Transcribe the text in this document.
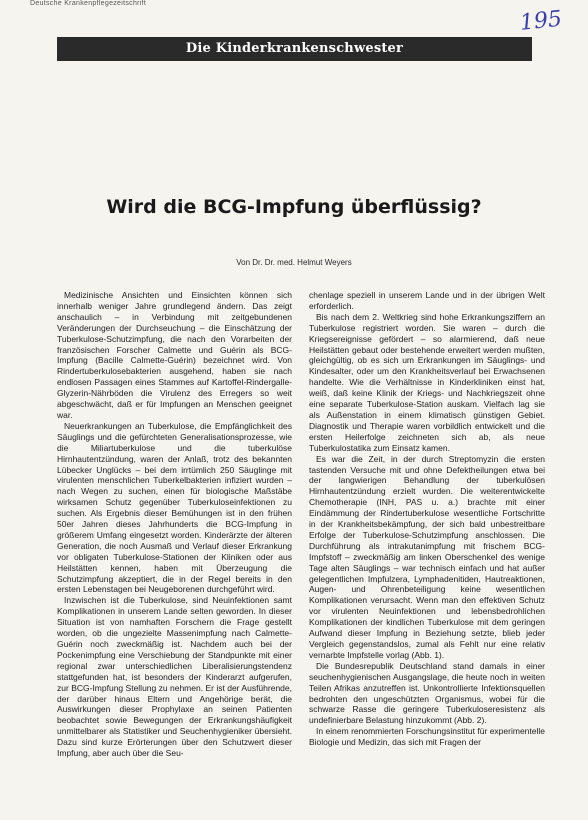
Deutsche Krankenpflegezeitschrift
195
Die Kinderkrankenschwester
Wird die BCG-Impfung überflüssig?
Von Dr. Dr. med. Helmut Weyers

Medizinische Ansichten und Einsichten können sich innerhalb weniger Jahre grundlegend ändern. Das zeigt anschaulich – in Verbindung mit zeitgebundenen Veränderungen der Durchseuchung – die Einschätzung der Tuberkulose-Schutzimpfung, die nach den Vorarbeiten der französischen Forscher Calmette und Guérin als BCG-Impfung (Bacille Calmette-Guérin) bezeichnet wird. Von Rindertuberkulosebakterien ausgehend, haben sie nach endlosen Passagen eines Stammes auf Kartoffel-Rindergalle-Glyzerin-Nährböden die Virulenz des Erregers so weit abgeschwächt, daß er für Impfungen an Menschen geeignet war.

Neuerkrankungen an Tuberkulose, die Empfänglichkeit des Säuglings und die gefürchteten Generalisationsprozesse, wie die Miliartuberkulose und die tuberkulöse Hirnhautentzündung, waren der Anlaß, trotz des bekannten Lübecker Unglücks – bei dem irrtümlich 250 Säuglinge mit virulenten menschlichen Tuberkelbakterien infiziert wurden – nach Wegen zu suchen, einen für biologische Maßstäbe wirksamen Schutz gegenüber Tuberkuloseinfektionen zu suchen. Als Ergebnis dieser Bemühungen ist in den frühen 50er Jahren dieses Jahrhunderts die BCG-Impfung in größerem Umfang eingesetzt worden. Kinderärzte der älteren Generation, die noch Ausmaß und Verlauf dieser Erkrankung vor obligaten Tuberkulose-Stationen der Kliniken oder aus Heilstätten kennen, haben mit Überzeugung die Schutzimpfung akzeptiert, die in der Regel bereits in den ersten Lebenstagen bei Neugeborenen durchgeführt wird.

Inzwischen ist die Tuberkulose, sind Neuinfektionen samt Komplikationen in unserem Lande selten geworden. In dieser Situation ist von namhaften Forschern die Frage gestellt worden, ob die ungezielte Massenimpfung nach Calmette-Guérin noch zweckmäßig ist. Nachdem auch bei der Pockenimpfung eine Verschiebung der Standpunkte mit einer regional zwar unterschiedlichen Liberalisierungstendenz stattgefunden hat, ist besonders der Kinderarzt aufgerufen, zur BCG-Impfung Stellung zu nehmen. Er ist der Ausführende, der darüber hinaus Eltern und Angehörige berät, die Auswirkungen dieser Prophylaxe an seinen Patienten beobachtet sowie Bewegungen der Erkrankungshäufigkeit unmittelbarer als Statistiker und Seuchenhygieniker übersieht. Dazu sind kurze Erörterungen über den Schutzwert dieser Impfung, aber auch über die Seu-

chenlage speziell in unserem Lande und in der übrigen Welt erforderlich.

Bis nach dem 2. Weltkrieg sind hohe Erkrankungsziffern an Tuberkulose registriert worden. Sie waren – durch die Kriegsereignisse gefördert – so alarmierend, daß neue Heilstätten gebaut oder bestehende erweitert werden mußten, gleichgültig, ob es sich um Erkrankungen im Säuglings- und Kindesalter, oder um den Krankheitsverlauf bei Erwachsenen handelte. Wie die Verhältnisse in Kinderkliniken einst hat, weiß, daß keine Klinik der Kriegs- und Nachkriegszeit ohne eine separate Tuberkulose-Station auskam. Vielfach lag sie als Außenstation in einem klimatisch günstigen Gebiet. Diagnostik und Therapie waren vorbildlich entwickelt und die ersten Heilerfolge zeichneten sich ab, als neue Tuberkulostatika zum Einsatz kamen.

Es war die Zeit, in der durch Streptomyzin die ersten tastenden Versuche mit und ohne Defektheilungen etwa bei der langwierigen Behandlung der tuberkulösen Hirnhautentzündung erzielt wurden. Die weiterentwickelte Chemotherapie (INH, PAS u. a.) brachte mit einer Eindämmung der Rindertuberkulose wesentliche Fortschritte in der Krankheitsbekämpfung, der sich bald unbestreitbare Erfolge der Tuberkulose-Schutzimpfung anschlossen. Die Durchführung als intrakutanimpfung mit frischem BCG-Impfstoff – zweckmäßig am linken Oberschenkel des wenige Tage alten Säuglings – war technisch einfach und hat außer gelegentlichen Impfulzera, Lymphadenitiden, Hautreaktionen, Augen- und Ohrenbeteiligung keine wesentlichen Komplikationen verursacht. Wenn man den effektiven Schutz vor virulenten Neuinfektionen und lebensbedrohlichen Komplikationen der kindlichen Tuberkulose mit dem geringen Aufwand dieser Impfung in Beziehung setzte, blieb jeder Vergleich gegenstandslos, zumal als Fehlt nur eine relativ vernarbte Impfstelle vorlag (Abb. 1).

Die Bundesrepublik Deutschland stand damals in einer seuchenhygienischen Ausgangslage, die heute noch in weiten Teilen Afrikas anzutreffen ist. Unkontrollierte Infektionsquellen bedrohten den ungeschützten Organismus, wobei für die schwarze Rasse die geringere Tuberkuloseresistenz als undefinierbare Belastung hinzukommt (Abb. 2).

In einem renommierten Forschungsinstitut für experimentelle Biologie und Medizin, das sich mit Fragen der
